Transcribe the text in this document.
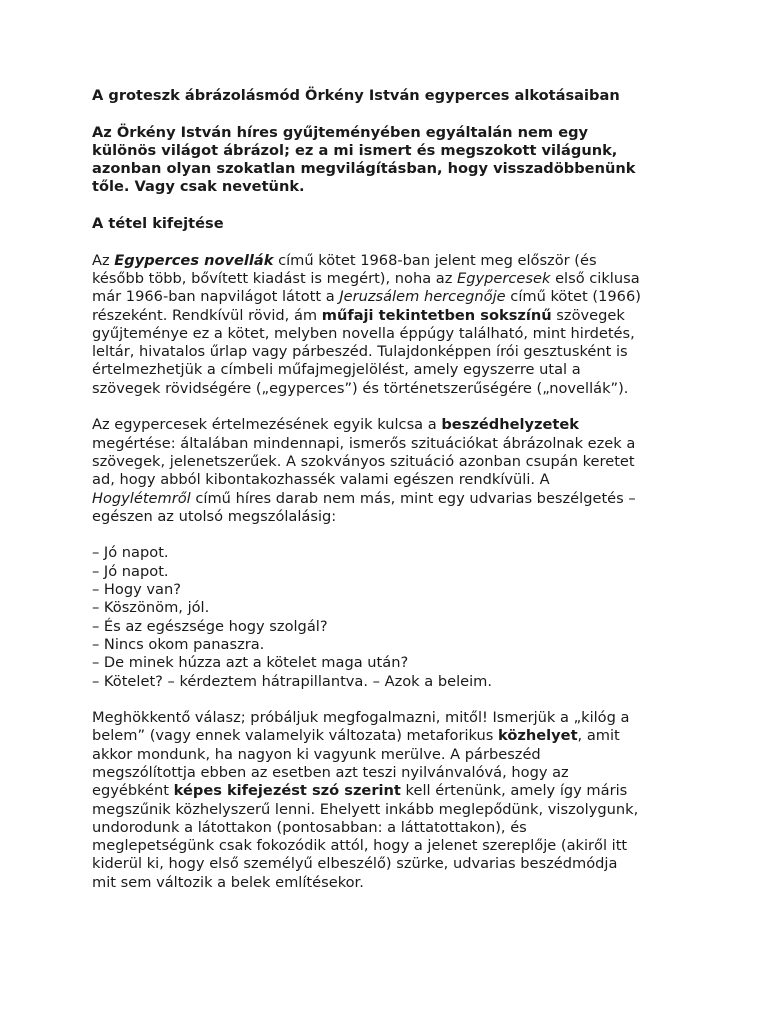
A groteszk ábrázolásmód Örkény István egyperces alkotásaiban

Az Örkény István híres gyűjteményében egyáltalán nem egy
különös világot ábrázol; ez a mi ismert és megszokott világunk,
azonban olyan szokatlan megvilágításban, hogy visszadöbbenünk
tőle. Vagy csak nevetünk.

A tétel kifejtése

Az Egyperces novellák című kötet 1968-ban jelent meg először (és
később több, bővített kiadást is megért), noha az Egypercesek első ciklusa
már 1966-ban napvilágot látott a Jeruzsálem hercegnője című kötet (1966)
részeként. Rendkívül rövid, ám műfaji tekintetben sokszínű szövegek
gyűjteménye ez a kötet, melyben novella éppúgy található, mint hirdetés,
leltár, hivatalos űrlap vagy párbeszéd. Tulajdonképpen írói gesztusként is
értelmezhetjük a címbeli műfajmegjelölést, amely egyszerre utal a
szövegek rövidségére („egyperces”) és történetszerűségére („novellák”).

Az egypercesek értelmezésének egyik kulcsa a beszédhelyzetek
megértése: általában mindennapi, ismerős szituációkat ábrázolnak ezek a
szövegek, jelenetszerűek. A szokványos szituáció azonban csupán keretet
ad, hogy abból kibontakozhassék valami egészen rendkívüli. A
Hogylétemről című híres darab nem más, mint egy udvarias beszélgetés –
egészen az utolsó megszólalásig:

– Jó napot.
– Jó napot.
– Hogy van?
– Köszönöm, jól.
– És az egészsége hogy szolgál?
– Nincs okom panaszra.
– De minek húzza azt a kötelet maga után?
– Kötelet? – kérdeztem hátrapillantva. – Azok a beleim.

Meghökkentő válasz; próbáljuk megfogalmazni, mitől! Ismerjük a „kilóg a
belem” (vagy ennek valamelyik változata) metaforikus közhelyet, amit
akkor mondunk, ha nagyon ki vagyunk merülve. A párbeszéd
megszólítottja ebben az esetben azt teszi nyilvánvalóvá, hogy az
egyébként képes kifejezést szó szerint kell értenünk, amely így máris
megszűnik közhelyszerű lenni. Ehelyett inkább meglepődünk, viszolygunk,
undorodunk a látottakon (pontosabban: a láttatottakon), és
meglepetségünk csak fokozódik attól, hogy a jelenet szereplője (akiről itt
kiderül ki, hogy első személyű elbeszélő) szürke, udvarias beszédmódja
mit sem változik a belek említésekor.
